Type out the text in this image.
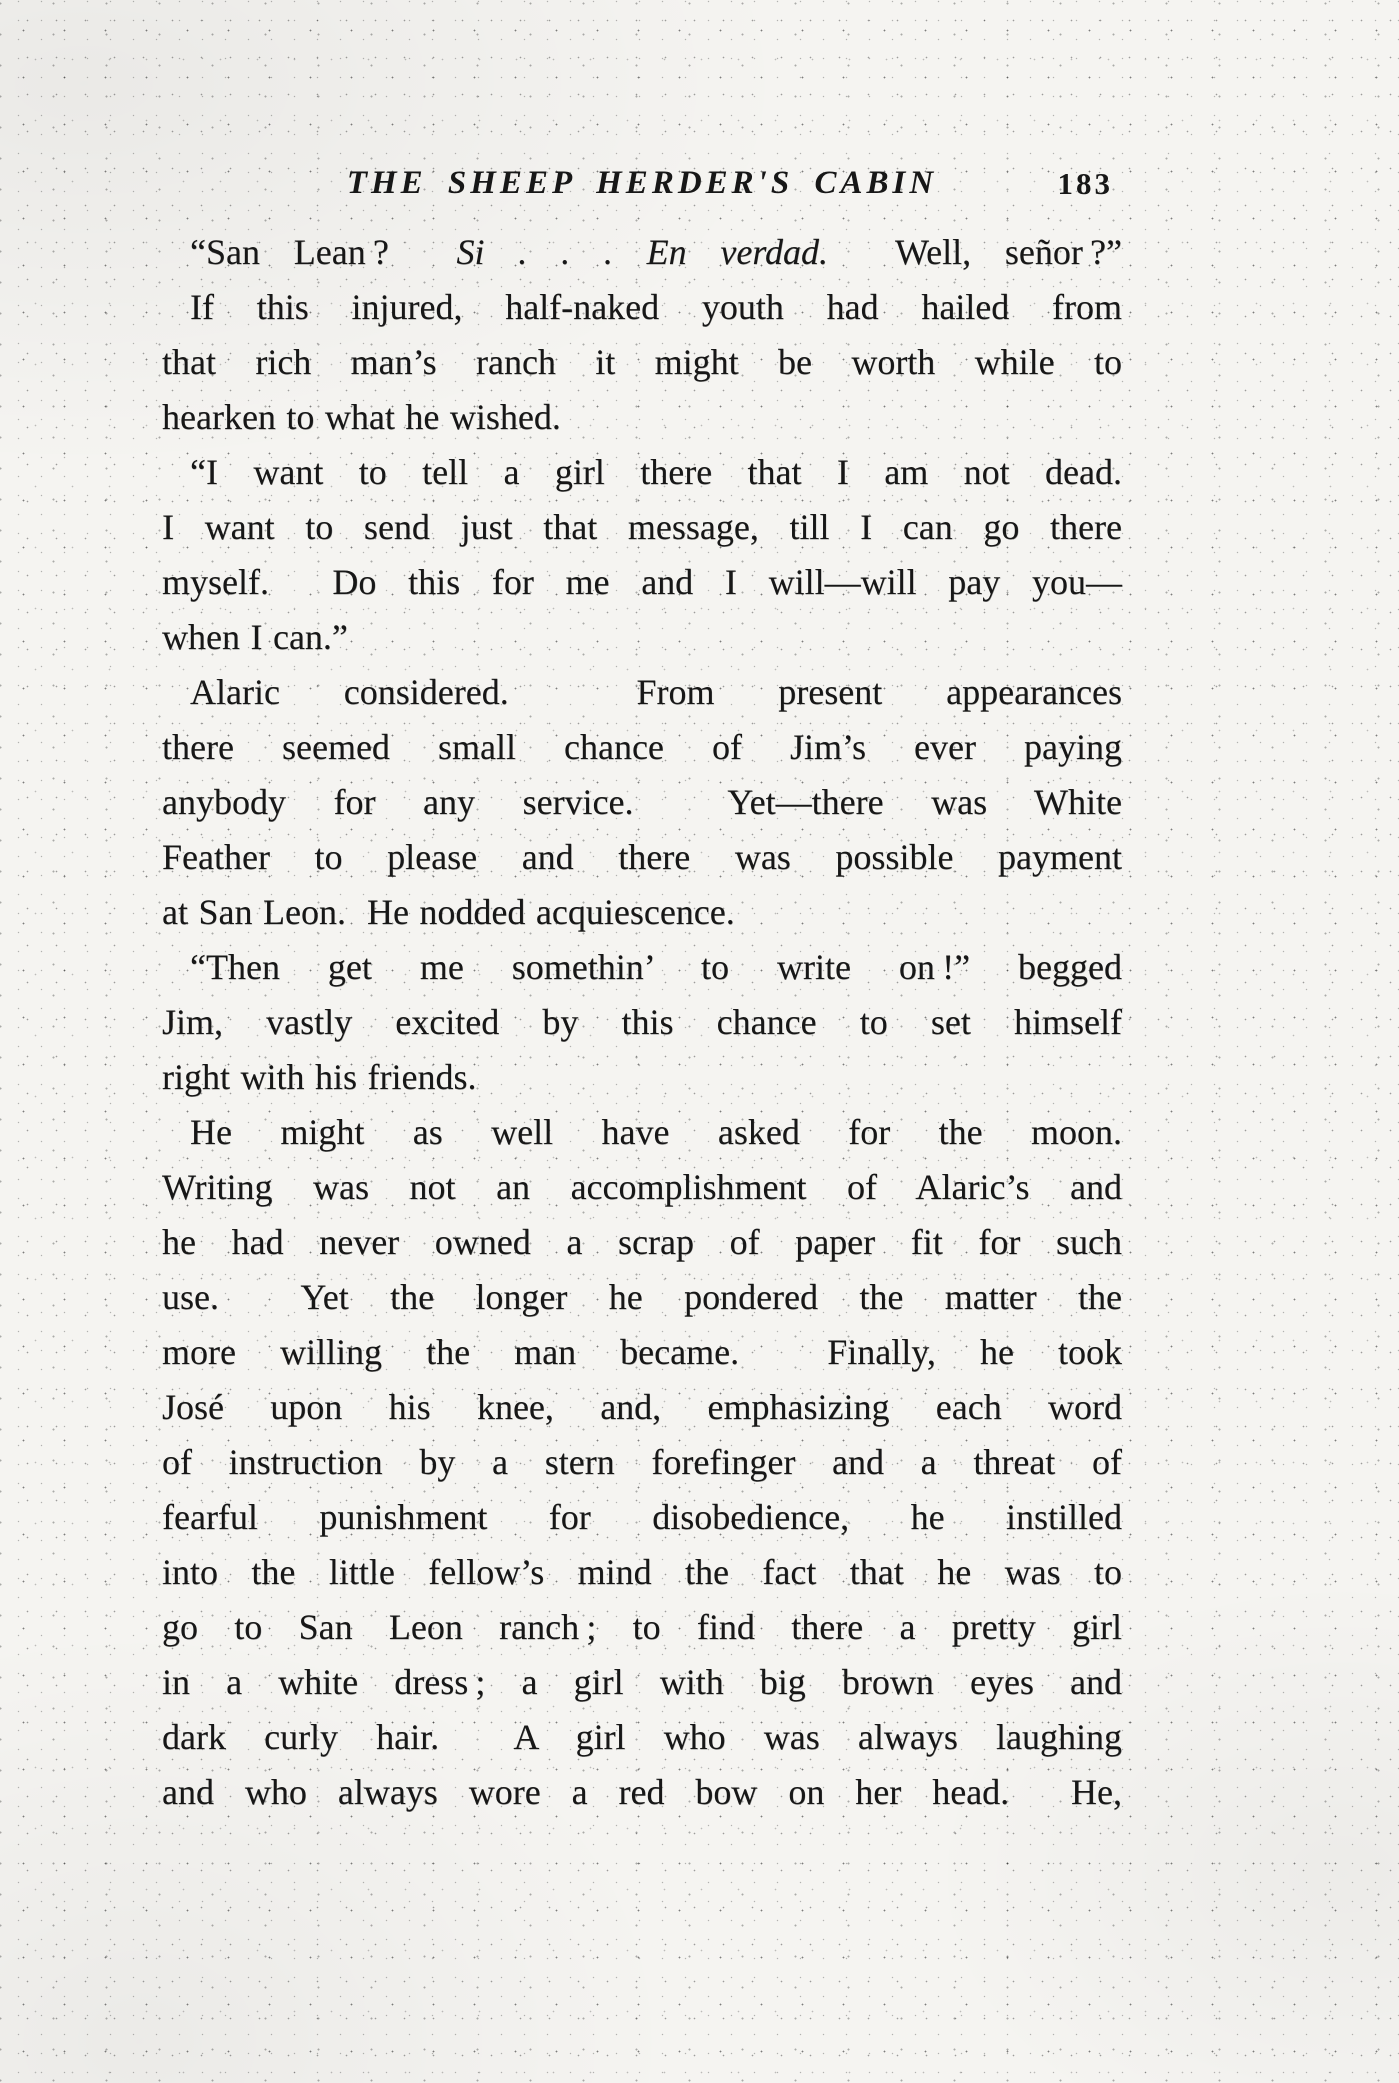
THE SHEEP HERDER'S CABIN	183
“San Lean ?  Si . . . En verdad.  Well, señor ?”
If this injured, half-naked youth had hailed from
that rich man’s ranch it might be worth while to
hearken to what he wished.
“I want to tell a girl there that I am not dead.
I want to send just that message, till I can go there
myself.  Do this for me and I will—will pay you—
when I can.”
Alaric considered.  From present appearances
there seemed small chance of Jim’s ever paying
anybody for any service.  Yet—there was White
Feather to please and there was possible payment
at San Leon.  He nodded acquiescence.
“Then get me somethin’ to write on !” begged
Jim, vastly excited by this chance to set himself
right with his friends.
He might as well have asked for the moon.
Writing was not an accomplishment of Alaric’s and
he had never owned a scrap of paper fit for such
use.  Yet the longer he pondered the matter the
more willing the man became.  Finally, he took
José upon his knee, and, emphasizing each word
of instruction by a stern forefinger and a threat of
fearful punishment for disobedience, he instilled
into the little fellow’s mind the fact that he was to
go to San Leon ranch ; to find there a pretty girl
in a white dress ; a girl with big brown eyes and
dark curly hair.  A girl who was always laughing
and who always wore a red bow on her head.  He,
